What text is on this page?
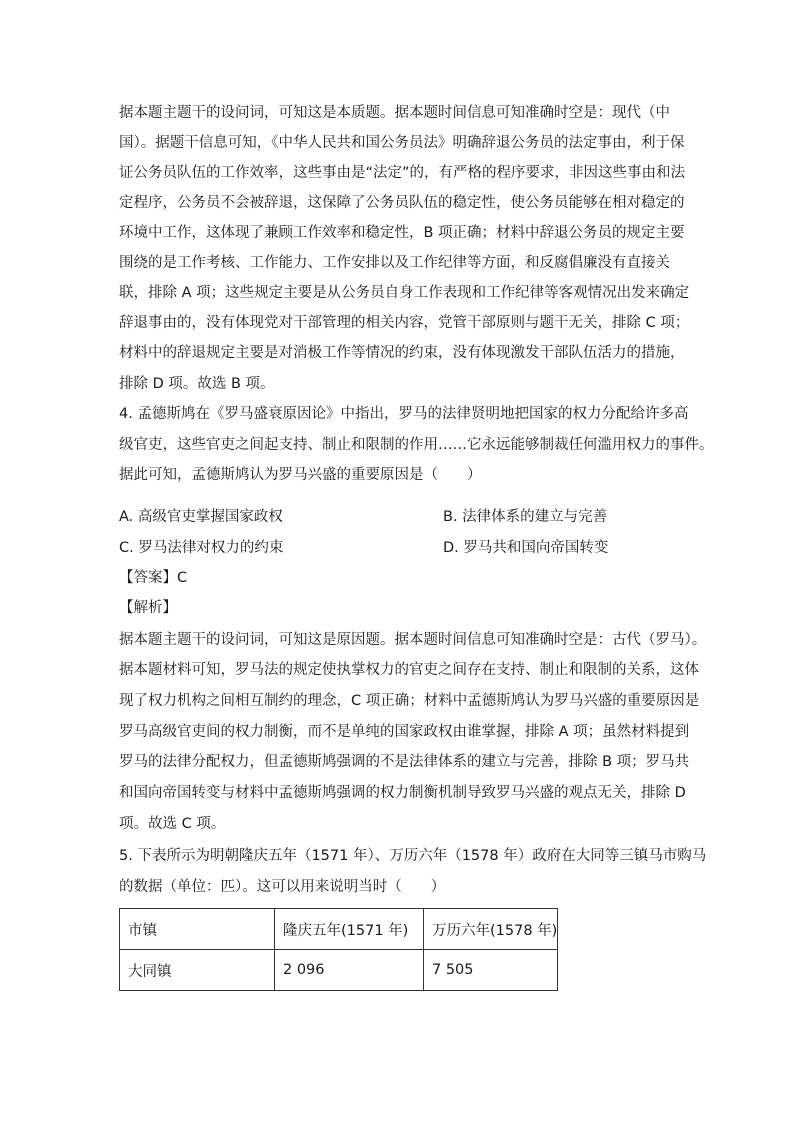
据本题主题干的设问词，可知这是本质题。据本题时间信息可知准确时空是：现代（中
国）。据题干信息可知，《中华人民共和国公务员法》明确辞退公务员的法定事由，利于保
证公务员队伍的工作效率，这些事由是“法定”的，有严格的程序要求，非因这些事由和法
定程序，公务员不会被辞退，这保障了公务员队伍的稳定性，使公务员能够在相对稳定的
环境中工作，这体现了兼顾工作效率和稳定性，B 项正确；材料中辞退公务员的规定主要
围绕的是工作考核、工作能力、工作安排以及工作纪律等方面，和反腐倡廉没有直接关
联，排除 A 项；这些规定主要是从公务员自身工作表现和工作纪律等客观情况出发来确定
辞退事由的，没有体现党对干部管理的相关内容，党管干部原则与题干无关，排除 C 项；
材料中的辞退规定主要是对消极工作等情况的约束，没有体现激发干部队伍活力的措施，
排除 D 项。故选 B 项。
4. 孟德斯鸠在《罗马盛衰原因论》中指出，罗马的法律贤明地把国家的权力分配给许多高
级官吏，这些官吏之间起支持、制止和限制的作用……它永远能够制裁任何滥用权力的事件。
据此可知，孟德斯鸠认为罗马兴盛的重要原因是（　　）
A. 高级官吏掌握国家政权	B. 法律体系的建立与完善
C. 罗马法律对权力的约束	D. 罗马共和国向帝国转变
【答案】C
【解析】
据本题主题干的设问词，可知这是原因题。据本题时间信息可知准确时空是：古代（罗马）。
据本题材料可知，罗马法的规定使执掌权力的官吏之间存在支持、制止和限制的关系，这体
现了权力机构之间相互制约的理念，C 项正确；材料中孟德斯鸠认为罗马兴盛的重要原因是
罗马高级官吏间的权力制衡，而不是单纯的国家政权由谁掌握，排除 A 项；虽然材料提到
罗马的法律分配权力，但孟德斯鸠强调的不是法律体系的建立与完善，排除 B 项；罗马共
和国向帝国转变与材料中孟德斯鸠强调的权力制衡机制导致罗马兴盛的观点无关，排除 D
项。故选 C 项。
5. 下表所示为明朝隆庆五年（1571 年）、万历六年（1578 年）政府在大同等三镇马市购马
的数据（单位：匹）。这可以用来说明当时（　　）
市镇	隆庆五年(1571 年)	万历六年(1578 年)
大同镇	2 096	7 505
